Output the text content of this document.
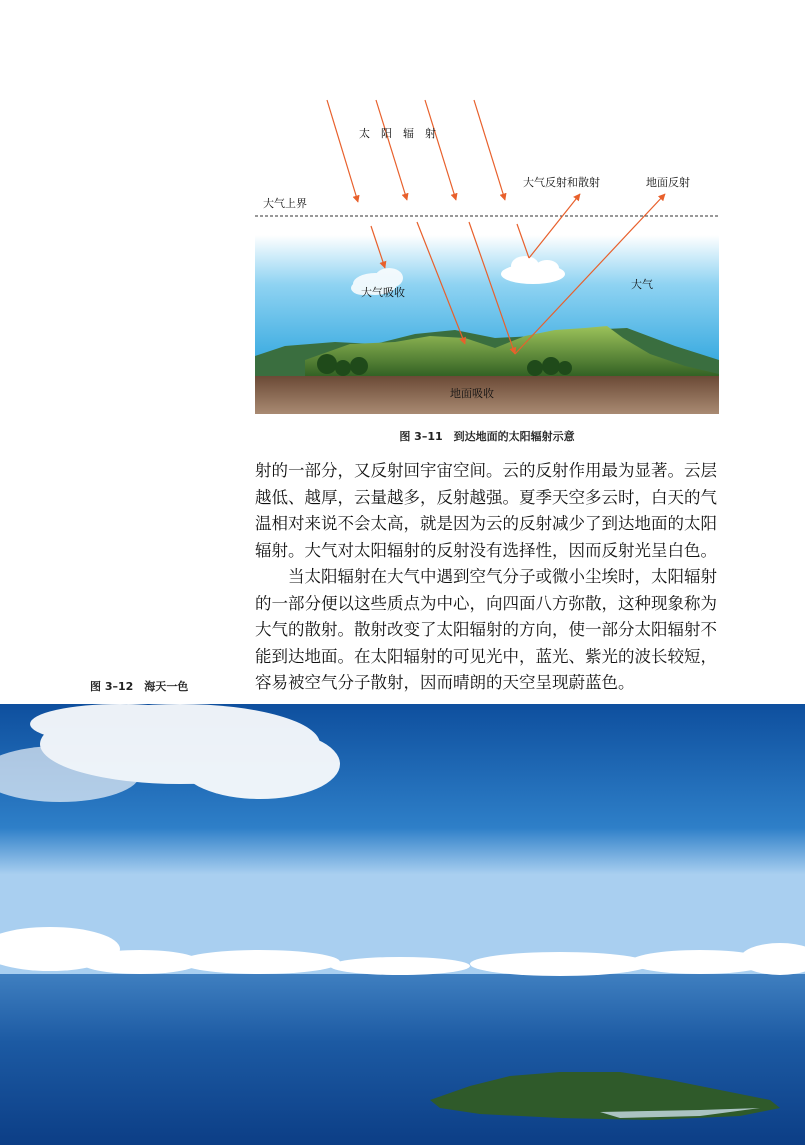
太　阳　辐　射
大气上界
大气反射和散射	地面反射
大气吸收
大气
地面吸收
图 3–11　到达地面的太阳辐射示意

射的一部分，又反射回宇宙空间。云的反射作用最为显著。云层越低、越厚，云量越多，反射越强。夏季天空多云时，白天的气温相对来说不会太高，就是因为云的反射减少了到达地面的太阳辐射。大气对太阳辐射的反射没有选择性，因而反射光呈白色。

当太阳辐射在大气中遇到空气分子或微小尘埃时，太阳辐射的一部分便以这些质点为中心，向四面八方弥散，这种现象称为大气的散射。散射改变了太阳辐射的方向，使一部分太阳辐射不能到达地面。在太阳辐射的可见光中，蓝光、紫光的波长较短，容易被空气分子散射，因而晴朗的天空呈现蔚蓝色。

图 3–12　海天一色
